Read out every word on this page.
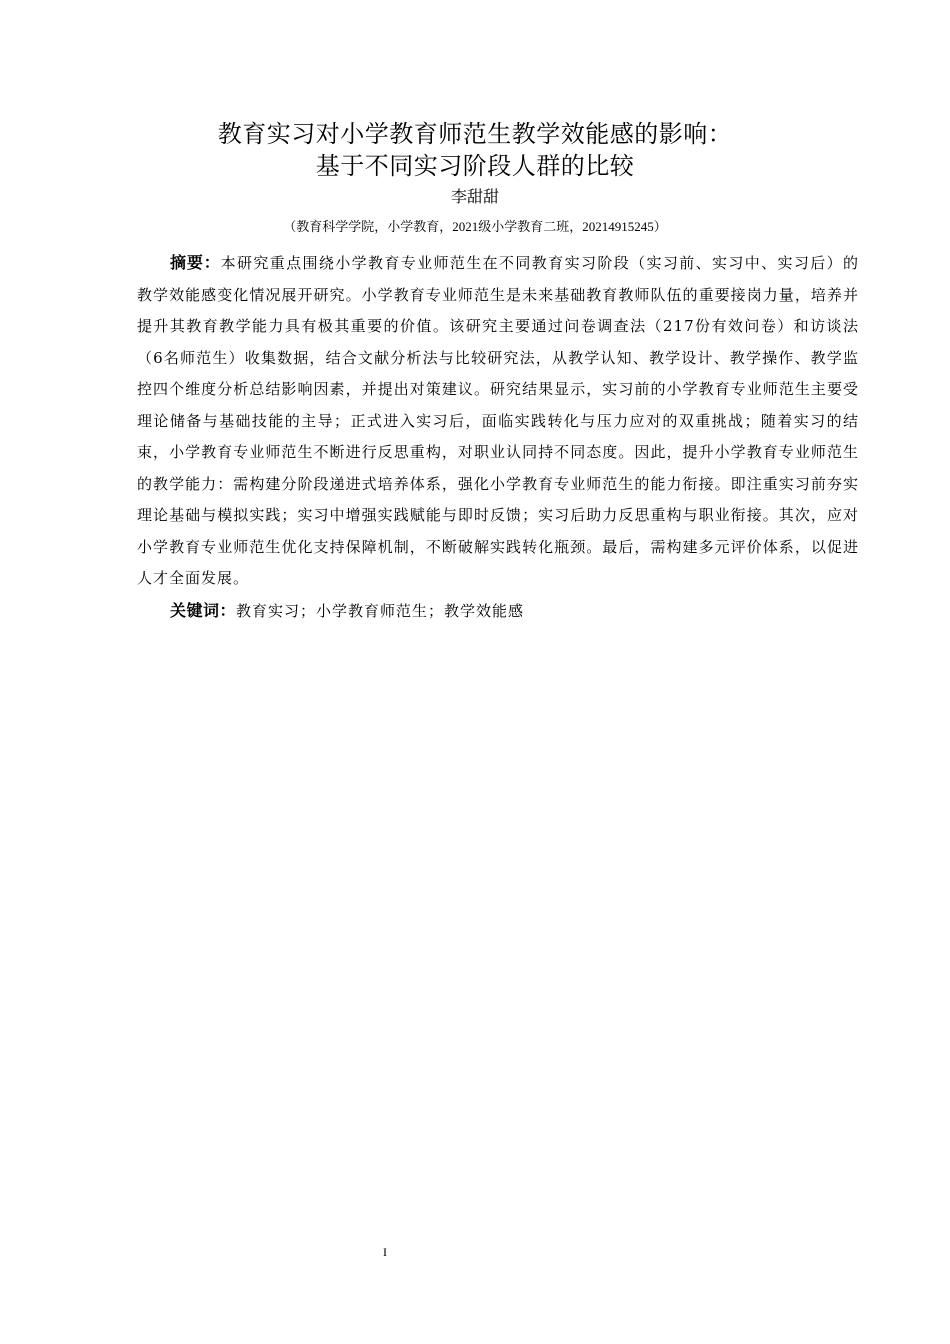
教育实习对小学教育师范生教学效能感的影响：
基于不同实习阶段人群的比较
李甜甜
（教育科学学院，小学教育，2021级小学教育二班，20214915245）

摘要：本研究重点围绕小学教育专业师范生在不同教育实习阶段（实习前、实习中、实习后）的教学效能感变化情况展开研究。小学教育专业师范生是未来基础教育教师队伍的重要接岗力量，培养并提升其教育教学能力具有极其重要的价值。该研究主要通过问卷调查法（217份有效问卷）和访谈法（6名师范生）收集数据，结合文献分析法与比较研究法，从教学认知、教学设计、教学操作、教学监控四个维度分析总结影响因素，并提出对策建议。研究结果显示，实习前的小学教育专业师范生主要受理论储备与基础技能的主导；正式进入实习后，面临实践转化与压力应对的双重挑战；随着实习的结束，小学教育专业师范生不断进行反思重构，对职业认同持不同态度。因此，提升小学教育专业师范生的教学能力：需构建分阶段递进式培养体系，强化小学教育专业师范生的能力衔接。即注重实习前夯实理论基础与模拟实践；实习中增强实践赋能与即时反馈；实习后助力反思重构与职业衔接。其次，应对小学教育专业师范生优化支持保障机制，不断破解实践转化瓶颈。最后，需构建多元评价体系，以促进人才全面发展。

关键词：教育实习；小学教育师范生；教学效能感

I
